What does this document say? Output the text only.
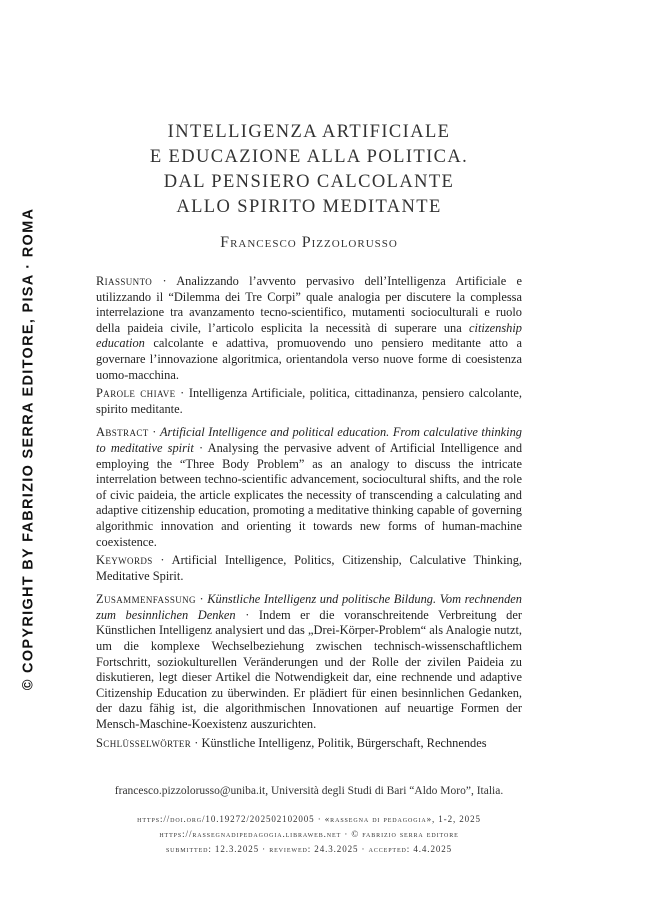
© COPYRIGHT BY FABRIZIO SERRA EDITORE, PISA · ROMA
INTELLIGENZA ARTIFICIALE
E EDUCAZIONE ALLA POLITICA.
DAL PENSIERO CALCOLANTE
ALLO SPIRITO MEDITANTE
Francesco Pizzolorusso

Riassunto · Analizzando l’avvento pervasivo dell’Intelligenza Artificiale e utilizzando il “Dilemma dei Tre Corpi” quale analogia per discutere la complessa interrelazione tra avanzamento tecno-scientifico, mutamenti socioculturali e ruolo della paideia civile, l’articolo esplicita la necessità di superare una citizenship education calcolante e adattiva, promuovendo uno pensiero meditante atto a governare l’innovazione algoritmica, orientandola verso nuove forme di coesistenza uomo-macchina.

Parole chiave · Intelligenza Artificiale, politica, cittadinanza, pensiero calcolante, spirito meditante.

Abstract · Artificial Intelligence and political education. From calculative thinking to meditative spirit · Analysing the pervasive advent of Artificial Intelligence and employing the “Three Body Problem” as an analogy to discuss the intricate interrelation between techno-scientific advancement, sociocultural shifts, and the role of civic paideia, the article explicates the necessity of transcending a calculating and adaptive citizenship education, promoting a meditative thinking capable of governing algorithmic innovation and orienting it towards new forms of human-machine coexistence.

Keywords · Artificial Intelligence, Politics, Citizenship, Calculative Thinking, Meditative Spirit.

Zusammenfassung · Künstliche Intelligenz und politische Bildung. Vom rechnenden zum besinnlichen Denken · Indem er die voranschreitende Verbreitung der Künstlichen Intelligenz analysiert und das „Drei-Körper-Problem“ als Analogie nutzt, um die komplexe Wechselbeziehung zwischen technisch-wissenschaftlichem Fortschritt, soziokulturellen Veränderungen und der Rolle der zivilen Paideia zu diskutieren, legt dieser Artikel die Notwendigkeit dar, eine rechnende und adaptive Citizenship Education zu überwinden. Er plädiert für einen besinnlichen Gedanken, der dazu fähig ist, die algorithmischen Innovationen auf neuartige Formen der Mensch-Maschine-Koexistenz auszurichten.

Schlüsselwörter · Künstliche Intelligenz, Politik, Bürgerschaft, Rechnendes

francesco.pizzolorusso@uniba.it, Università degli Studi di Bari “Aldo Moro”, Italia.
https://doi.org/10.19272/202502102005 · «rassegna di pedagogia», 1-2, 2025
https://rassegnadipedagogia.libraweb.net · © fabrizio serra editore
submitted: 12.3.2025 · reviewed: 24.3.2025 · accepted: 4.4.2025
